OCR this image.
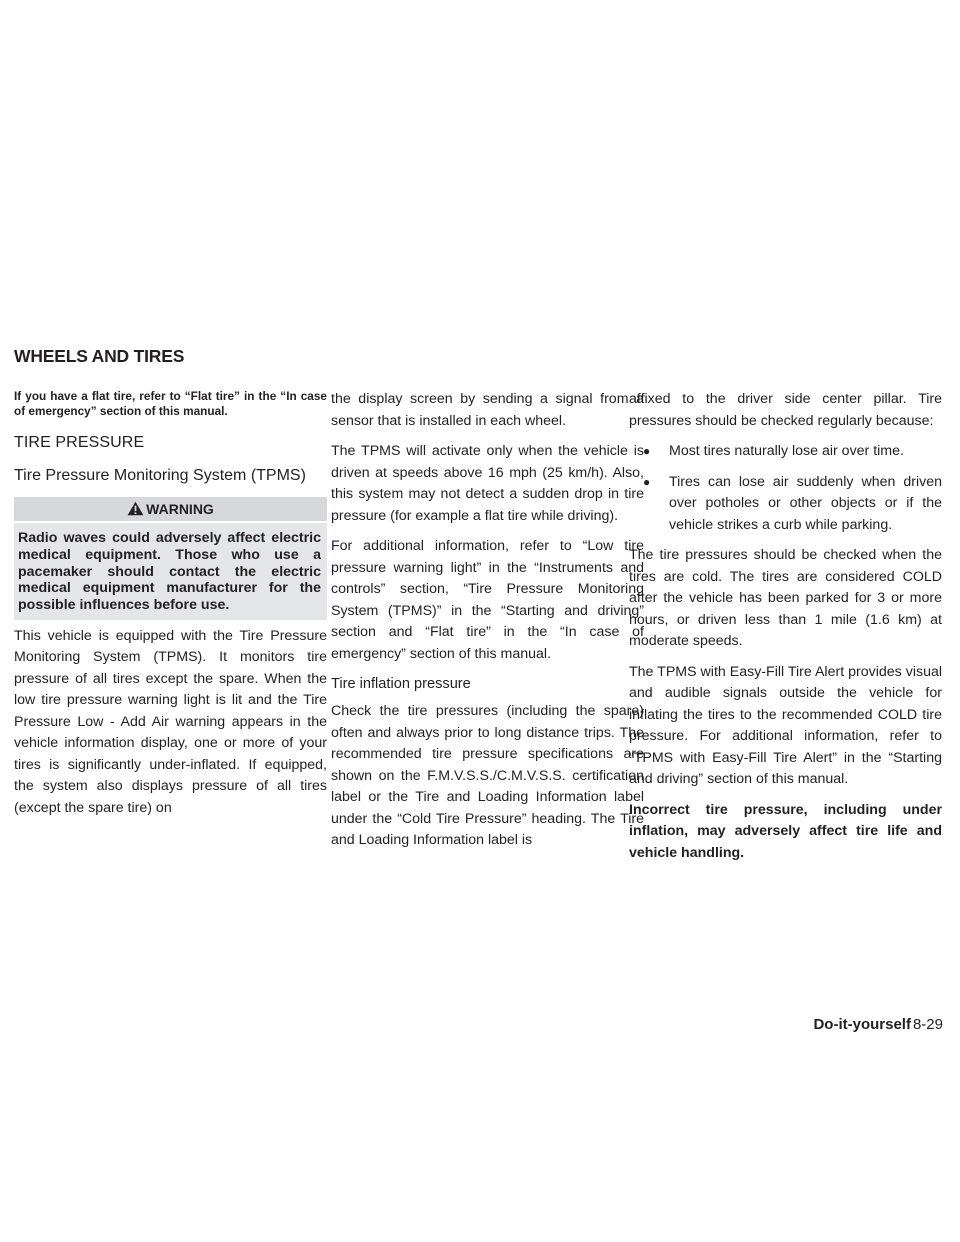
WHEELS AND TIRES

If you have a flat tire, refer to “Flat tire” in the “In case of emergency” section of this manual.

TIRE PRESSURE
Tire Pressure Monitoring System (TPMS)
WARNING
Radio waves could adversely affect electric medical equipment. Those who use a pacemaker should contact the electric medical equipment manufacturer for the possible influences before use.

This vehicle is equipped with the Tire Pressure Monitoring System (TPMS). It monitors tire pressure of all tires except the spare. When the low tire pressure warning light is lit and the Tire Pressure Low - Add Air warning appears in the vehicle information display, one or more of your tires is significantly under-inflated. If equipped, the system also displays pressure of all tires (except the spare tire) on

the display screen by sending a signal from a sensor that is installed in each wheel.

The TPMS will activate only when the vehicle is driven at speeds above 16 mph (25 km/h). Also, this system may not detect a sudden drop in tire pressure (for example a flat tire while driving).

For additional information, refer to “Low tire pressure warning light” in the “Instruments and controls” section, “Tire Pressure Monitoring System (TPMS)” in the “Starting and driving” section and “Flat tire” in the “In case of emergency” section of this manual.

Tire inflation pressure

Check the tire pressures (including the spare) often and always prior to long distance trips. The recommended tire pressure specifications are shown on the F.M.V.S.S./C.M.V.S.S. certification label or the Tire and Loading Information label under the “Cold Tire Pressure” heading. The Tire and Loading Information label is

affixed to the driver side center pillar. Tire pressures should be checked regularly because:

● Most tires naturally lose air over time.
● Tires can lose air suddenly when driven over potholes or other objects or if the vehicle strikes a curb while parking.

The tire pressures should be checked when the tires are cold. The tires are considered COLD after the vehicle has been parked for 3 or more hours, or driven less than 1 mile (1.6 km) at moderate speeds.

The TPMS with Easy-Fill Tire Alert provides visual and audible signals outside the vehicle for inflating the tires to the recommended COLD tire pressure. For additional information, refer to “TPMS with Easy-Fill Tire Alert” in the “Starting and driving” section of this manual.

Incorrect tire pressure, including under inflation, may adversely affect tire life and vehicle handling.

Do-it-yourself 8-29
